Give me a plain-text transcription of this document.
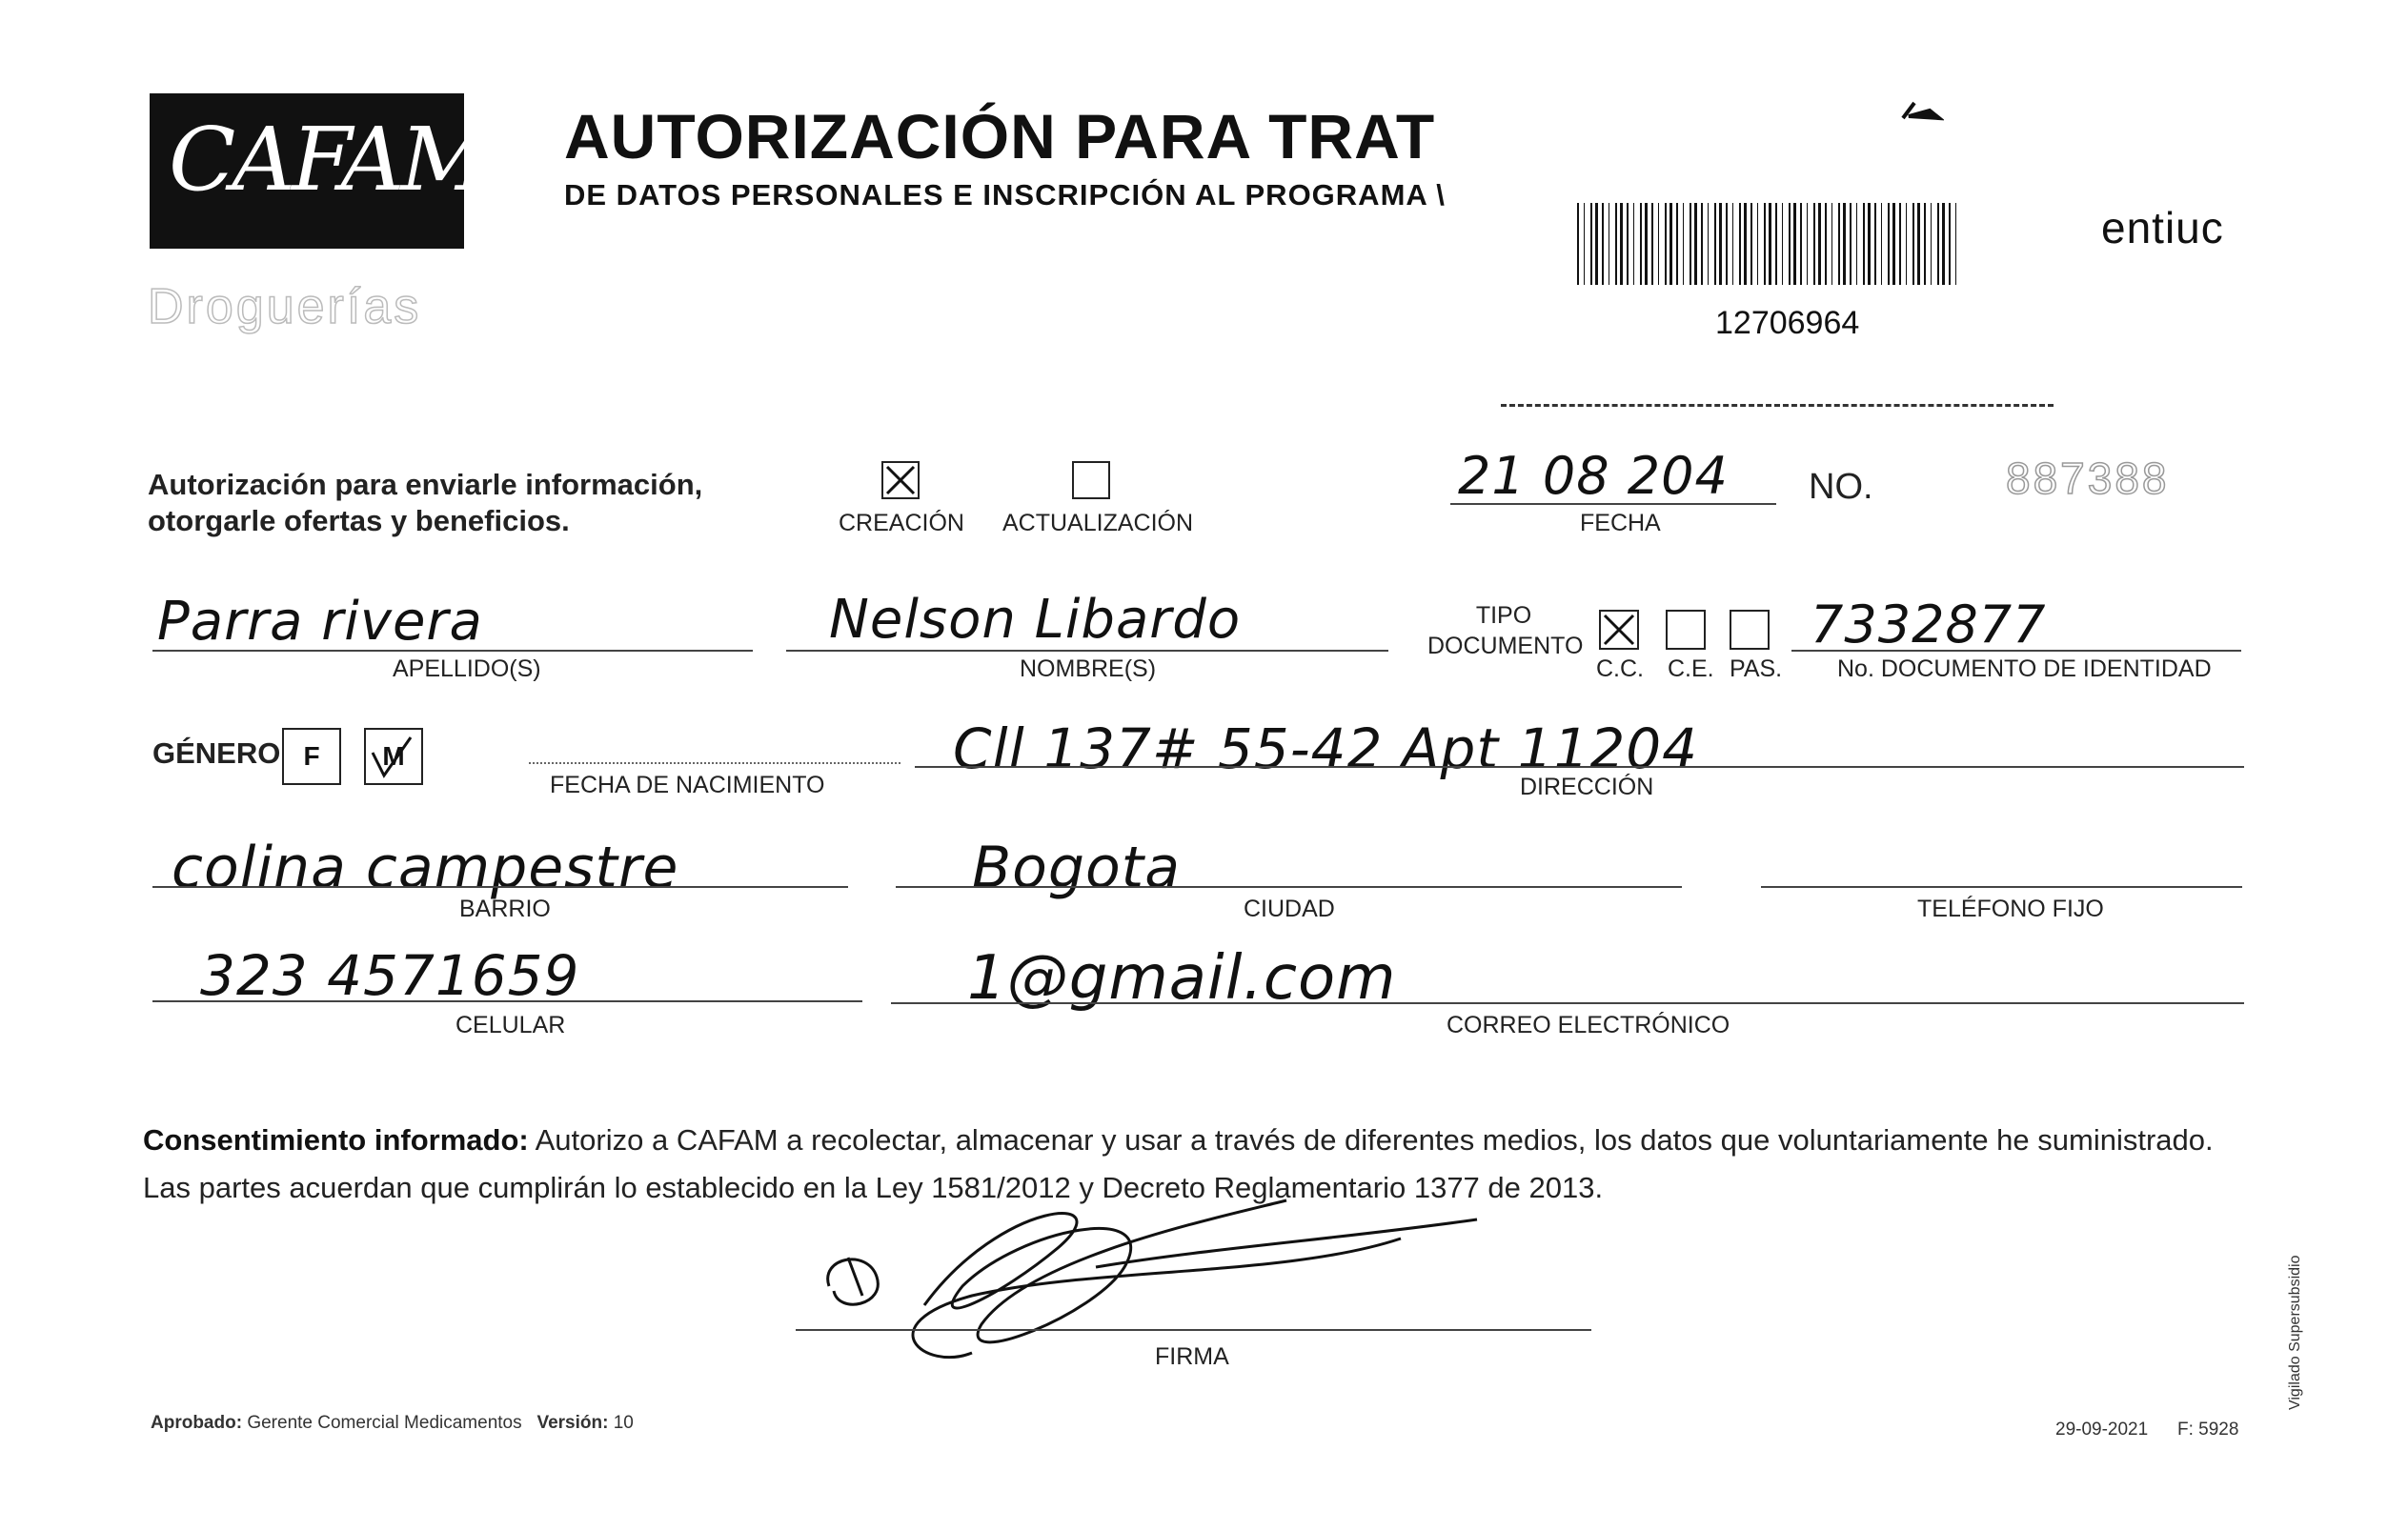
CAFAM
Droguerías
AUTORIZACIÓN PARA TRAT
DE DATOS PERSONALES E INSCRIPCIÓN AL PROGRAMA \
12706964
entiuc
Autorización para enviarle información, otorgarle ofertas y beneficios.	CREACIÓN ACTUALIZACIÓN
21 08 204
FECHA
NO.	887388
Parra rivera
APELLIDO(S)
Nelson Libardo
NOMBRE(S)
TIPO DOCUMENTO
C.C. C.E. PAS.
7332877
No. DOCUMENTO DE IDENTIDAD
GÉNERO F	M
FECHA DE NACIMIENTO
Cll 137# 55-42 Apt 11204
DIRECCIÓN
colina campestre
BARRIO
Bogota
CIUDAD	TELÉFONO FIJO
323 4571659
CELULAR
1@gmail.com
CORREO ELECTRÓNICO
Consentimiento informado: Autorizo a CAFAM a recolectar, almacenar y usar a través de diferentes medios, los datos que voluntariamente he suministrado. Las partes acuerdan que cumplirán lo establecido en la Ley 1581/2012 y Decreto Reglamentario 1377 de 2013.
FIRMA
Aprobado: Gerente Comercial Medicamentos Versión: 10	29-09-2021 F: 5928
Vigilado Supersubsidio
